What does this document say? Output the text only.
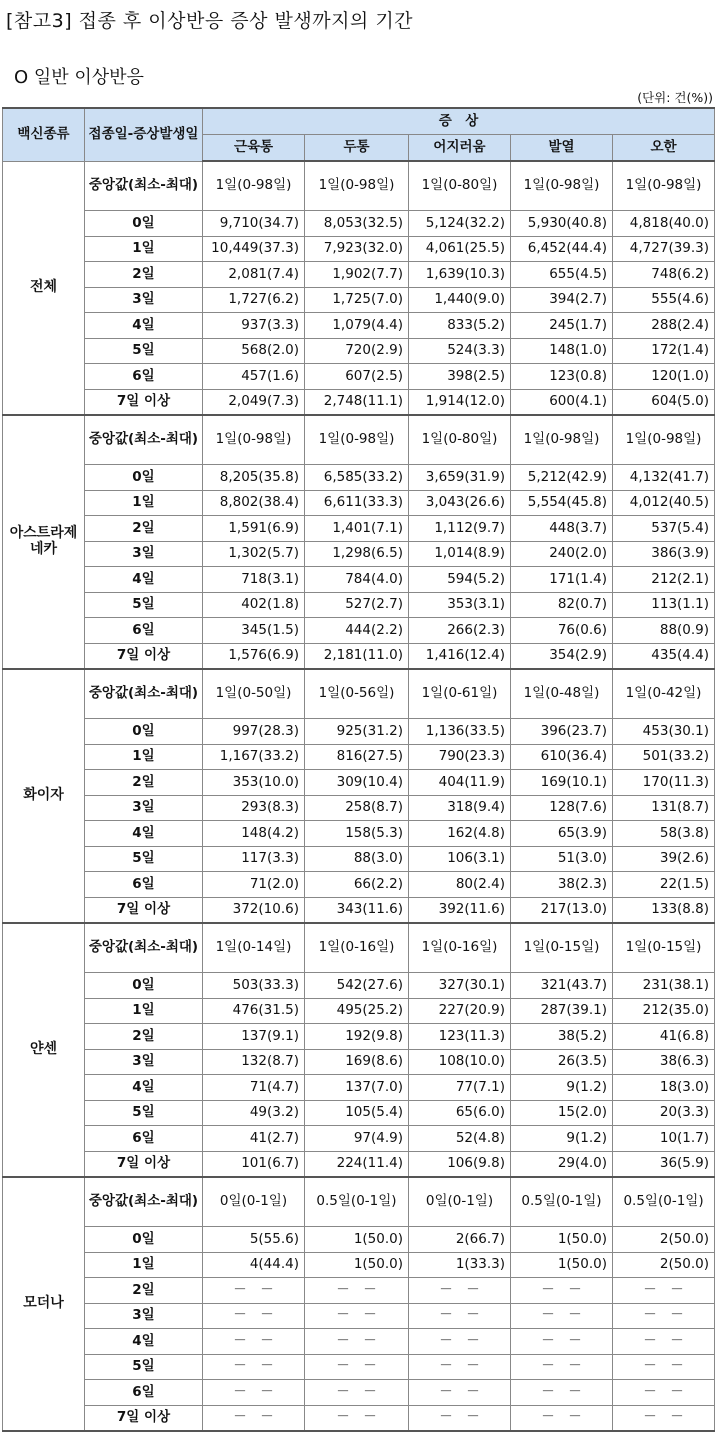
[참고3] 접종 후 이상반응 증상 발생까지의 기간
O 일반 이상반응
(단위: 건(%))
백신종류	접종일-증상발생일	증　상				
		근육통	두통	어지러움	발열	오한
전체	중앙값(최소-최대)	1일(0-98일)	1일(0-98일)	1일(0-80일)	1일(0-98일)	1일(0-98일)
	0일	9,710(34.7)	8,053(32.5)	5,124(32.2)	5,930(40.8)	4,818(40.0)
	1일	10,449(37.3)	7,923(32.0)	4,061(25.5)	6,452(44.4)	4,727(39.3)
	2일	2,081(7.4)	1,902(7.7)	1,639(10.3)	655(4.5)	748(6.2)
	3일	1,727(6.2)	1,725(7.0)	1,440(9.0)	394(2.7)	555(4.6)
	4일	937(3.3)	1,079(4.4)	833(5.2)	245(1.7)	288(2.4)
	5일	568(2.0)	720(2.9)	524(3.3)	148(1.0)	172(1.4)
	6일	457(1.6)	607(2.5)	398(2.5)	123(0.8)	120(1.0)
	7일 이상	2,049(7.3)	2,748(11.1)	1,914(12.0)	600(4.1)	604(5.0)
아스트라제네카	중앙값(최소-최대)	1일(0-98일)	1일(0-98일)	1일(0-80일)	1일(0-98일)	1일(0-98일)
	0일	8,205(35.8)	6,585(33.2)	3,659(31.9)	5,212(42.9)	4,132(41.7)
	1일	8,802(38.4)	6,611(33.3)	3,043(26.6)	5,554(45.8)	4,012(40.5)
	2일	1,591(6.9)	1,401(7.1)	1,112(9.7)	448(3.7)	537(5.4)
	3일	1,302(5.7)	1,298(6.5)	1,014(8.9)	240(2.0)	386(3.9)
	4일	718(3.1)	784(4.0)	594(5.2)	171(1.4)	212(2.1)
	5일	402(1.8)	527(2.7)	353(3.1)	82(0.7)	113(1.1)
	6일	345(1.5)	444(2.2)	266(2.3)	76(0.6)	88(0.9)
	7일 이상	1,576(6.9)	2,181(11.0)	1,416(12.4)	354(2.9)	435(4.4)
화이자	중앙값(최소-최대)	1일(0-50일)	1일(0-56일)	1일(0-61일)	1일(0-48일)	1일(0-42일)
	0일	997(28.3)	925(31.2)	1,136(33.5)	396(23.7)	453(30.1)
	1일	1,167(33.2)	816(27.5)	790(23.3)	610(36.4)	501(33.2)
	2일	353(10.0)	309(10.4)	404(11.9)	169(10.1)	170(11.3)
	3일	293(8.3)	258(8.7)	318(9.4)	128(7.6)	131(8.7)
	4일	148(4.2)	158(5.3)	162(4.8)	65(3.9)	58(3.8)
	5일	117(3.3)	88(3.0)	106(3.1)	51(3.0)	39(2.6)
	6일	71(2.0)	66(2.2)	80(2.4)	38(2.3)	22(1.5)
	7일 이상	372(10.6)	343(11.6)	392(11.6)	217(13.0)	133(8.8)
얀센	중앙값(최소-최대)	1일(0-14일)	1일(0-16일)	1일(0-16일)	1일(0-15일)	1일(0-15일)
	0일	503(33.3)	542(27.6)	327(30.1)	321(43.7)	231(38.1)
	1일	476(31.5)	495(25.2)	227(20.9)	287(39.1)	212(35.0)
	2일	137(9.1)	192(9.8)	123(11.3)	38(5.2)	41(6.8)
	3일	132(8.7)	169(8.6)	108(10.0)	26(3.5)	38(6.3)
	4일	71(4.7)	137(7.0)	77(7.1)	9(1.2)	18(3.0)
	5일	49(3.2)	105(5.4)	65(6.0)	15(2.0)	20(3.3)
	6일	41(2.7)	97(4.9)	52(4.8)	9(1.2)	10(1.7)
	7일 이상	101(6.7)	224(11.4)	106(9.8)	29(4.0)	36(5.9)
모더나	중앙값(최소-최대)	0일(0-1일)	0.5일(0-1일)	0일(0-1일)	0.5일(0-1일)	0.5일(0-1일)
	0일	5(55.6)	1(50.0)	2(66.7)	1(50.0)	2(50.0)
	1일	4(44.4)	1(50.0)	1(33.3)	1(50.0)	2(50.0)
	2일	－　－	－　－	－　－	－　－	－　－
	3일	－　－	－　－	－　－	－　－	－　－
	4일	－　－	－　－	－　－	－　－	－　－
	5일	－　－	－　－	－　－	－　－	－　－
	6일	－　－	－　－	－　－	－　－	－　－
	7일 이상	－　－	－　－	－　－	－　－	－　－
